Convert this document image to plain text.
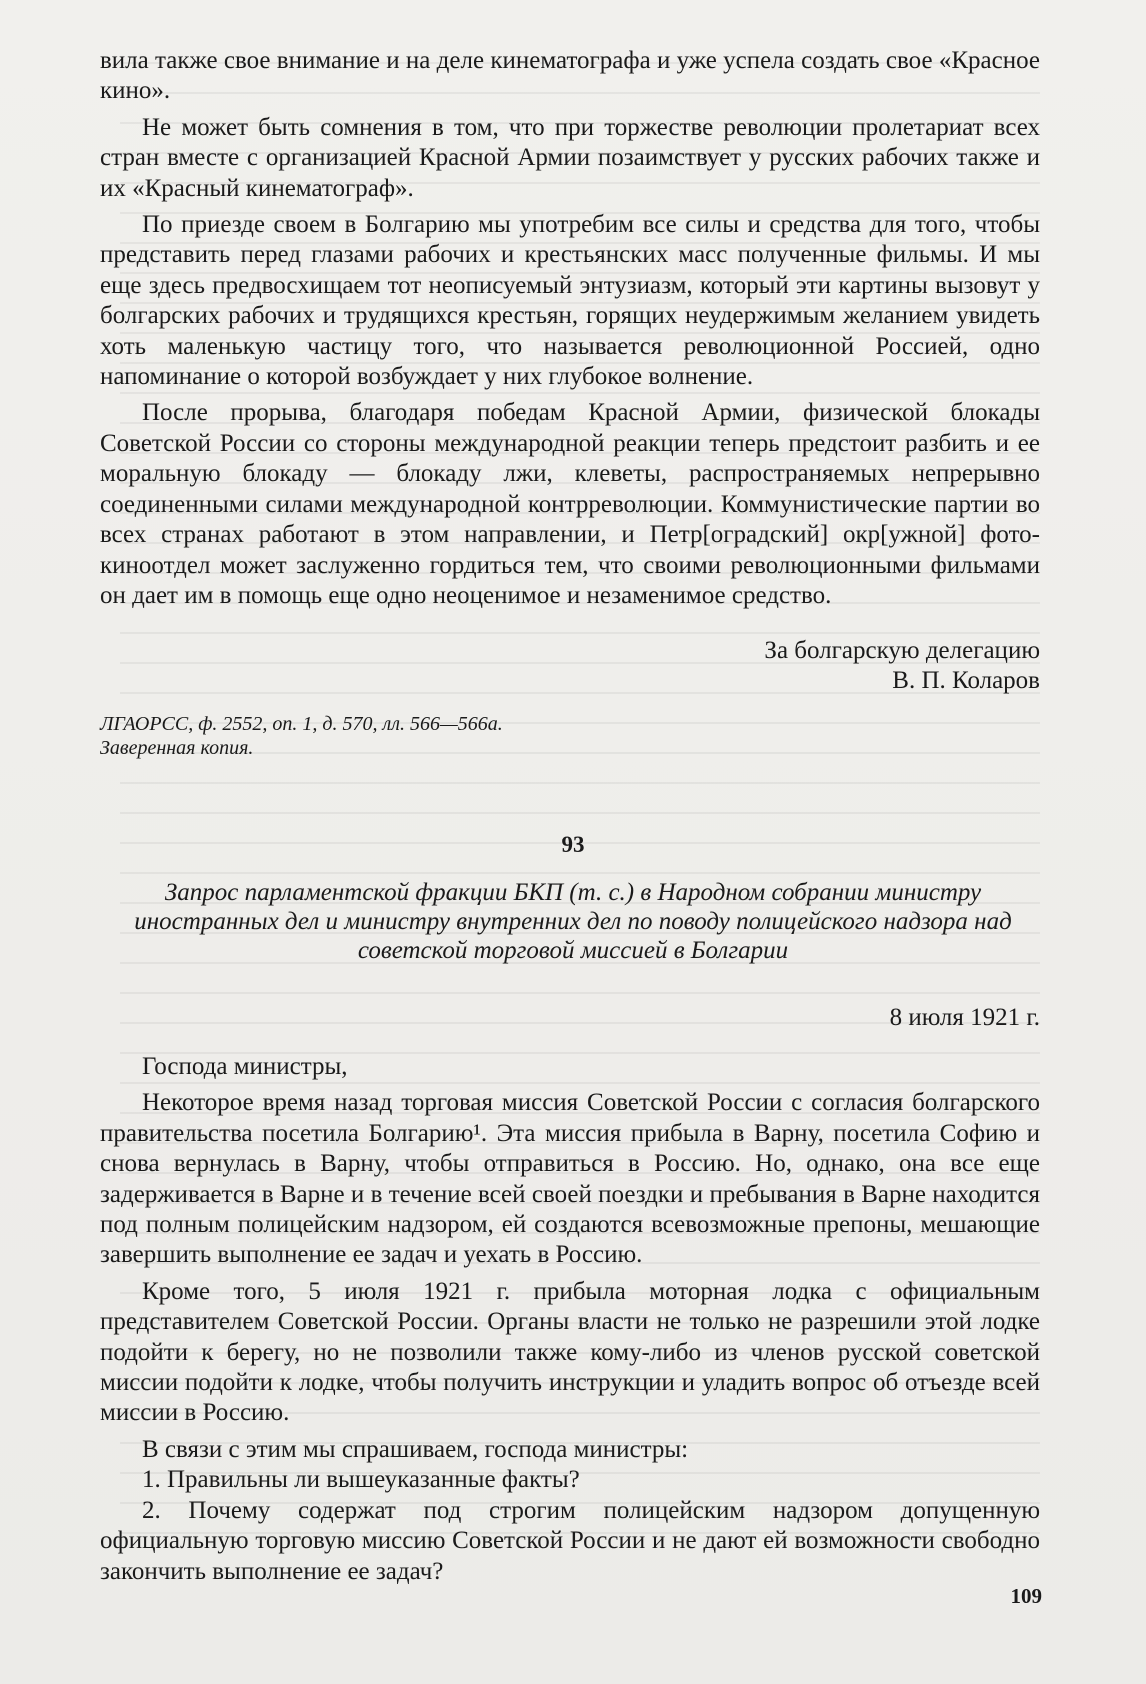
вила также свое внимание и на деле кинематографа и уже успела создать свое «Красное кино».

Не может быть сомнения в том, что при торжестве революции пролетариат всех стран вместе с организацией Красной Армии позаимствует у русских рабочих также и их «Красный кинематограф».

По приезде своем в Болгарию мы употребим все силы и средства для того, чтобы представить перед глазами рабочих и крестьянских масс полученные фильмы. И мы еще здесь предвосхищаем тот неописуемый энтузиазм, который эти картины вызовут у болгарских рабочих и трудящихся крестьян, горящих неудержимым желанием увидеть хоть маленькую частицу того, что называется революционной Россией, одно напоминание о которой возбуждает у них глубокое волнение.

После прорыва, благодаря победам Красной Армии, физической блокады Советской России со стороны международной реакции теперь предстоит разбить и ее моральную блокаду — блокаду лжи, клеветы, распространяемых непрерывно соединенными силами международной контрреволюции. Коммунистические партии во всех странах работают в этом направлении, и Петр[оградский] окр[ужной] фото-киноотдел может заслуженно гордиться тем, что своими революционными фильмами он дает им в помощь еще одно неоценимое и незаменимое средство.

За болгарскую делегацию
В. П. Коларов
ЛГАОРСС, ф. 2552, оп. 1, д. 570, лл. 566—566а.
Заверенная копия.
93
Запрос парламентской фракции БКП (т. с.) в Народном собрании министру иностранных дел и министру внутренних дел по поводу полицейского надзора над советской торговой миссией в Болгарии
8 июля 1921 г.

Господа министры,

Некоторое время назад торговая миссия Советской России с согласия болгарского правительства посетила Болгарию¹. Эта миссия прибыла в Варну, посетила Софию и снова вернулась в Варну, чтобы отправиться в Россию. Но, однако, она все еще задерживается в Варне и в течение всей своей поездки и пребывания в Варне находится под полным полицейским надзором, ей создаются всевозможные препоны, мешающие завершить выполнение ее задач и уехать в Россию.

Кроме того, 5 июля 1921 г. прибыла моторная лодка с официальным представителем Советской России. Органы власти не только не разрешили этой лодке подойти к берегу, но не позволили также кому-либо из членов русской советской миссии подойти к лодке, чтобы получить инструкции и уладить вопрос об отъезде всей миссии в Россию.

В связи с этим мы спрашиваем, господа министры:

1. Правильны ли вышеуказанные факты?

2. Почему содержат под строгим полицейским надзором допущенную официальную торговую миссию Советской России и не дают ей возможности свободно закончить выполнение ее задач?

109
